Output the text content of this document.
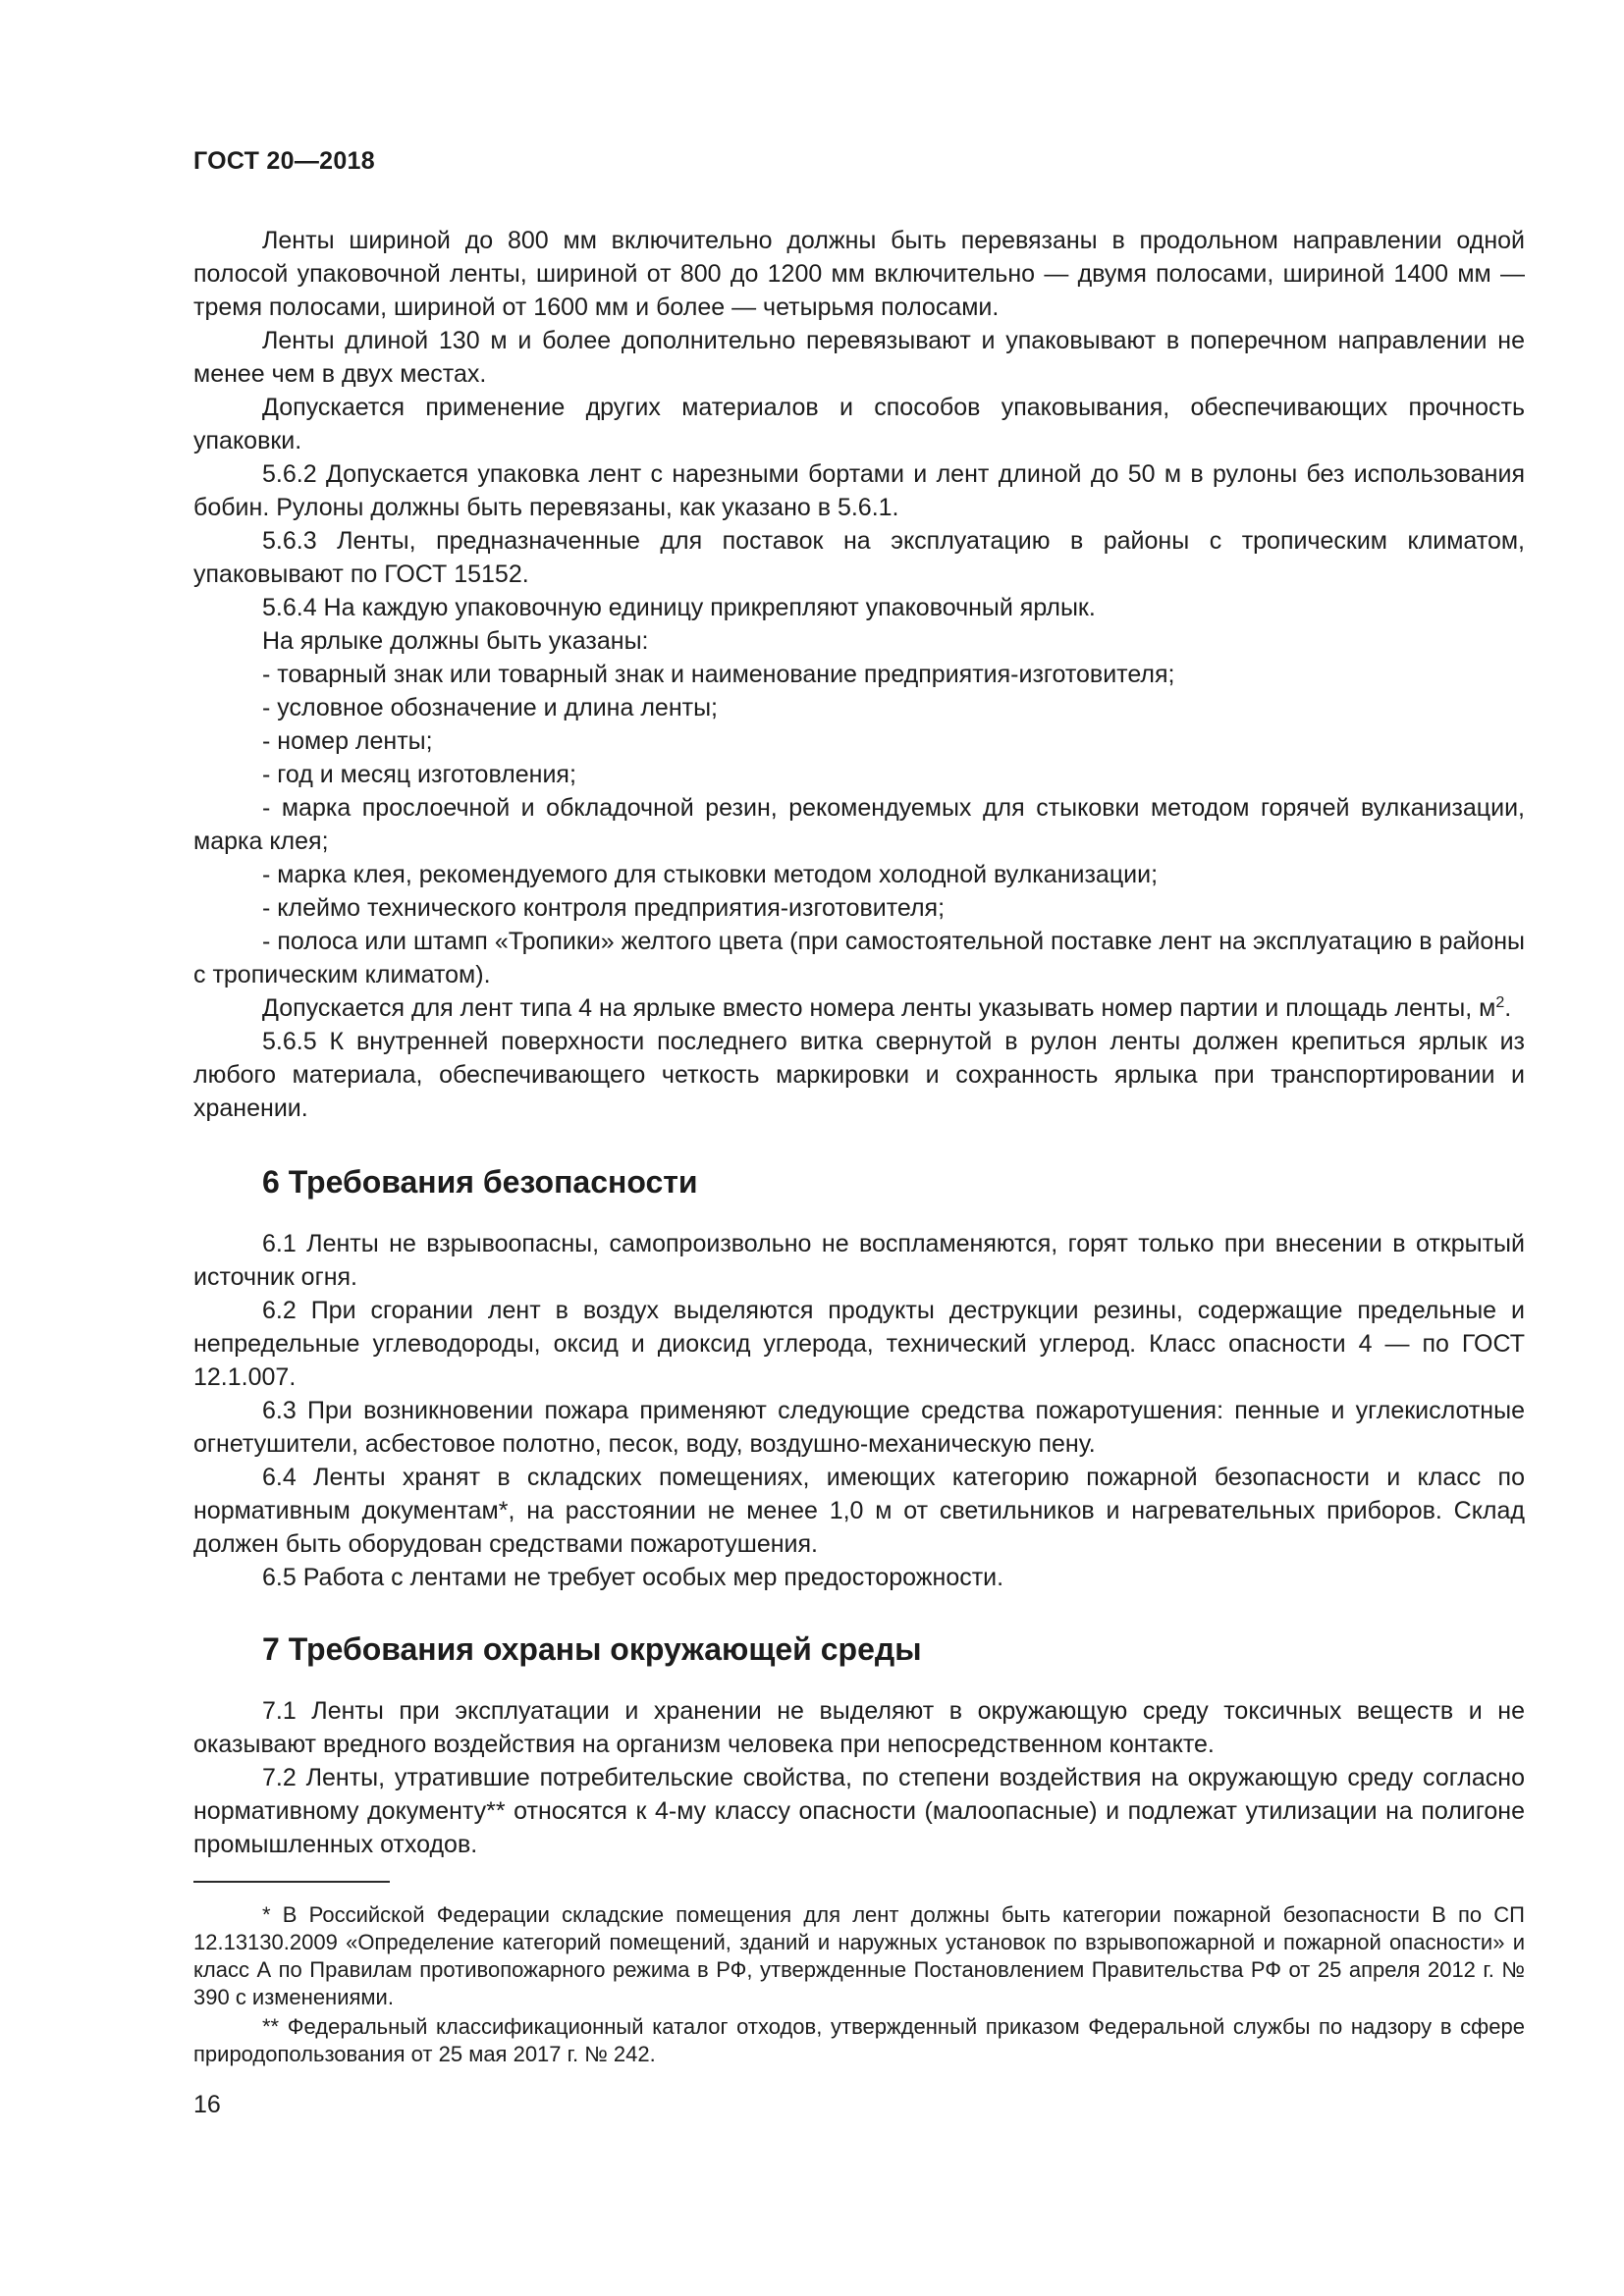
ГОСТ 20—2018

Ленты шириной до 800 мм включительно должны быть перевязаны в продольном направлении одной полосой упаковочной ленты, шириной от 800 до 1200 мм включительно — двумя полосами, шириной 1400 мм — тремя полосами, шириной от 1600 мм и более — четырьмя полосами.

Ленты длиной 130 м и более дополнительно перевязывают и упаковывают в поперечном направлении не менее чем в двух местах.

Допускается применение других материалов и способов упаковывания, обеспечивающих прочность упаковки.

5.6.2 Допускается упаковка лент с нарезными бортами и лент длиной до 50 м в рулоны без использования бобин. Рулоны должны быть перевязаны, как указано в 5.6.1.

5.6.3 Ленты, предназначенные для поставок на эксплуатацию в районы с тропическим климатом, упаковывают по ГОСТ 15152.

5.6.4 На каждую упаковочную единицу прикрепляют упаковочный ярлык.

На ярлыке должны быть указаны:

- товарный знак или товарный знак и наименование предприятия-изготовителя;

- условное обозначение и длина ленты;

- номер ленты;

- год и месяц изготовления;

- марка прослоечной и обкладочной резин, рекомендуемых для стыковки методом горячей вулканизации, марка клея;

- марка клея, рекомендуемого для стыковки методом холодной вулканизации;

- клеймо технического контроля предприятия-изготовителя;

- полоса или штамп «Тропики» желтого цвета (при самостоятельной поставке лент на эксплуатацию в районы с тропическим климатом).

Допускается для лент типа 4 на ярлыке вместо номера ленты указывать номер партии и площадь ленты, $м^2$.

5.6.5 К внутренней поверхности последнего витка свернутой в рулон ленты должен крепиться ярлык из любого материала, обеспечивающего четкость маркировки и сохранность ярлыка при транспортировании и хранении.

6 Требования безопасности

6.1 Ленты не взрывоопасны, самопроизвольно не воспламеняются, горят только при внесении в открытый источник огня.

6.2 При сгорании лент в воздух выделяются продукты деструкции резины, содержащие предельные и непредельные углеводороды, оксид и диоксид углерода, технический углерод. Класс опасности 4 — по ГОСТ 12.1.007.

6.3 При возникновении пожара применяют следующие средства пожаротушения: пенные и углекислотные огнетушители, асбестовое полотно, песок, воду, воздушно-механическую пену.

6.4 Ленты хранят в складских помещениях, имеющих категорию пожарной безопасности и класс по нормативным документам*, на расстоянии не менее 1,0 м от светильников и нагревательных приборов. Склад должен быть оборудован средствами пожаротушения.

6.5 Работа с лентами не требует особых мер предосторожности.

7 Требования охраны окружающей среды

7.1 Ленты при эксплуатации и хранении не выделяют в окружающую среду токсичных веществ и не оказывают вредного воздействия на организм человека при непосредственном контакте.

7.2 Ленты, утратившие потребительские свойства, по степени воздействия на окружающую среду согласно нормативному документу** относятся к 4-му классу опасности (малоопасные) и подлежат утилизации на полигоне промышленных отходов.

* В Российской Федерации складские помещения для лент должны быть категории пожарной безопасности В по СП 12.13130.2009 «Определение категорий помещений, зданий и наружных установок по взрывопожарной и пожарной опасности» и класс А по Правилам противопожарного режима в РФ, утвержденные Постановлением Правительства РФ от 25 апреля 2012 г. № 390 с изменениями.

** Федеральный классификационный каталог отходов, утвержденный приказом Федеральной службы по надзору в сфере природопользования от 25 мая 2017 г. № 242.

16
